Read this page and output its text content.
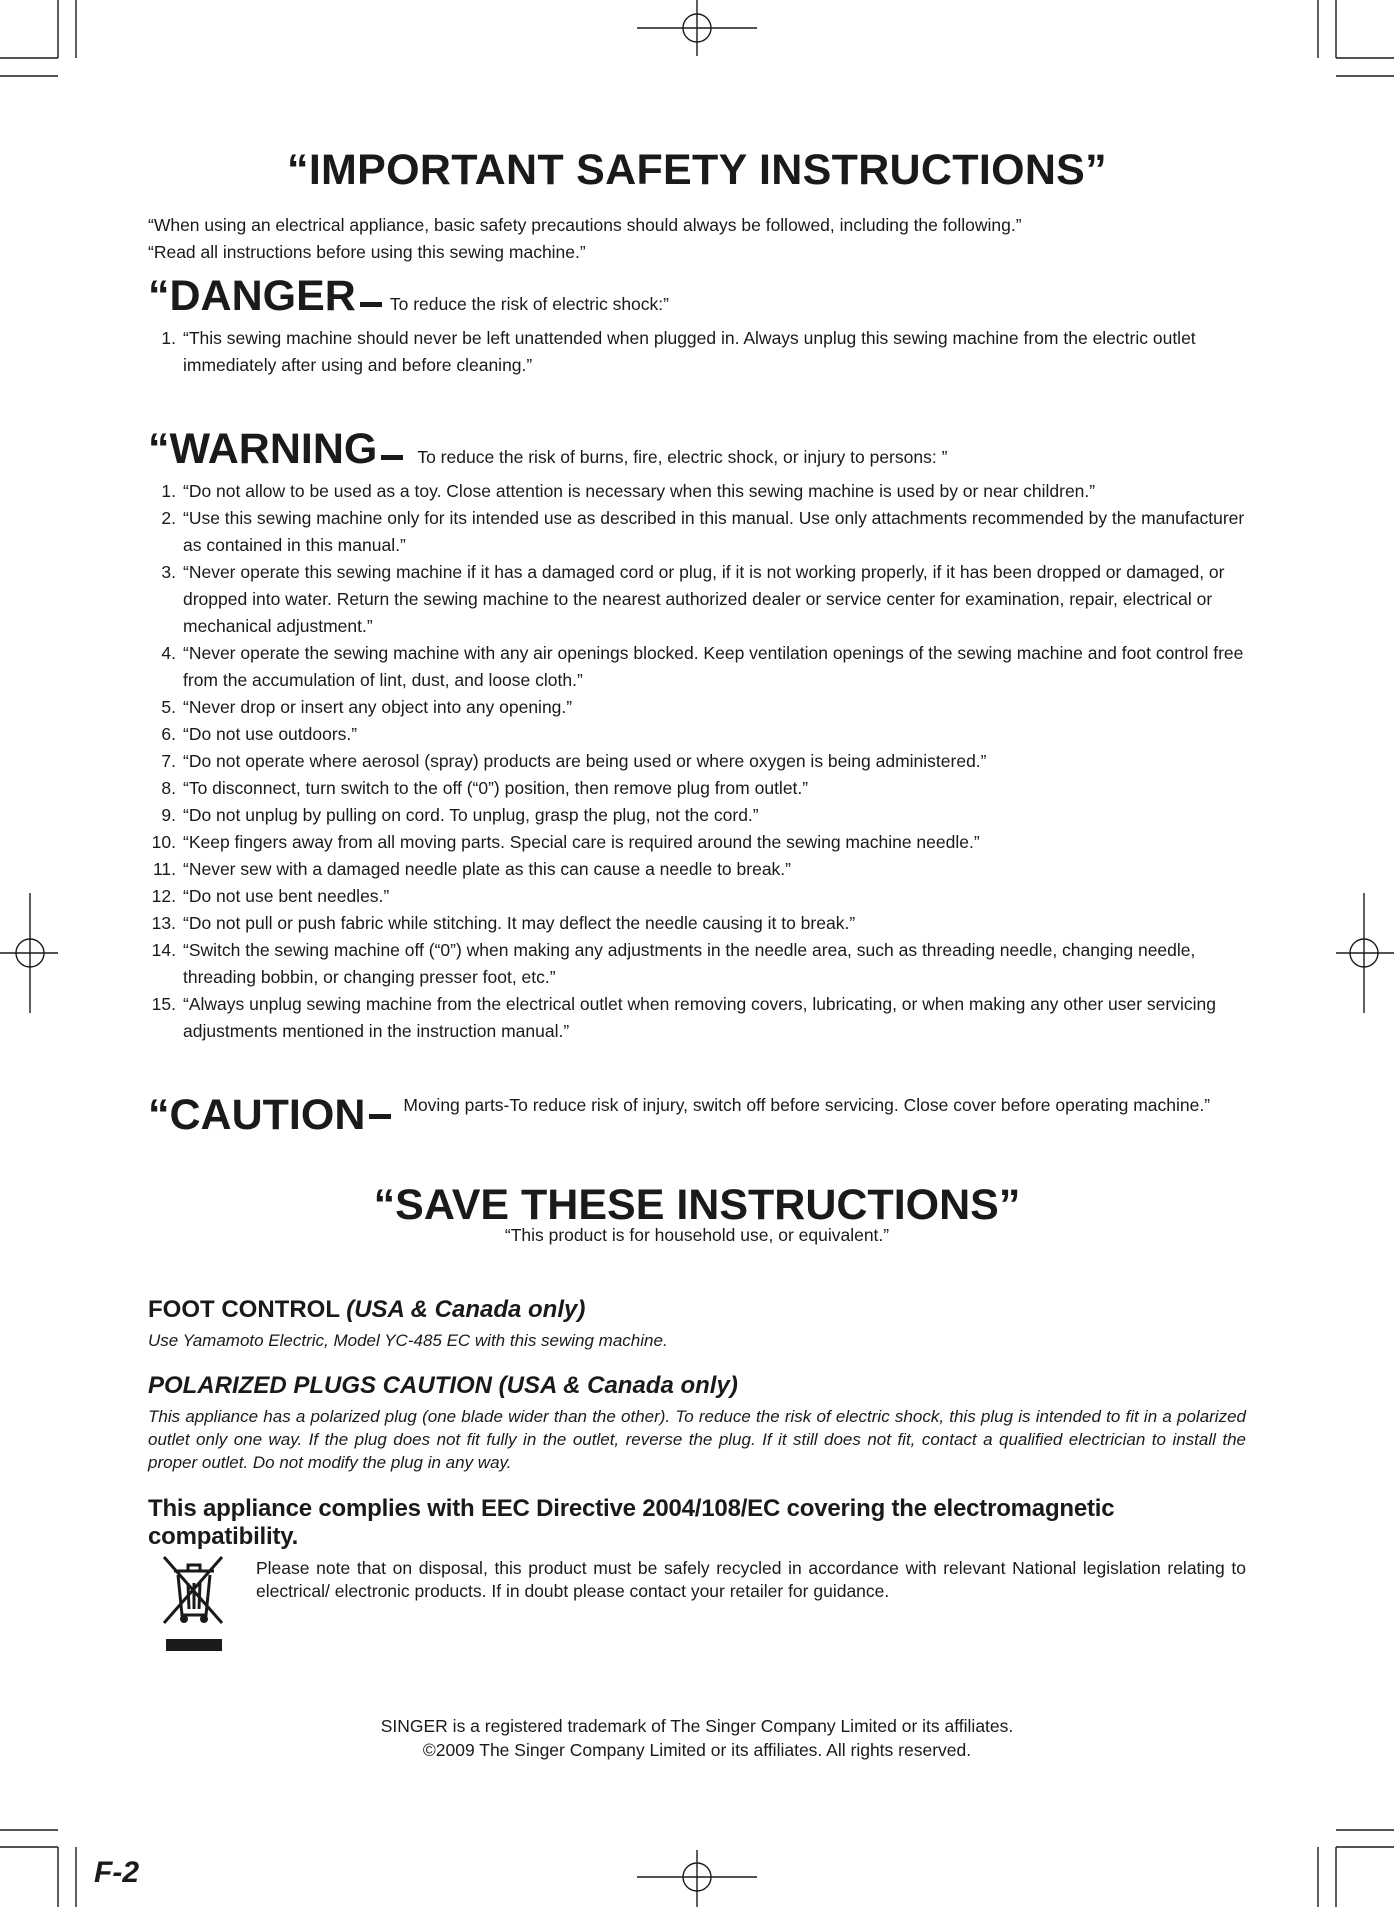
“IMPORTANT SAFETY INSTRUCTIONS”

“When using an electrical appliance, basic safety precautions should always be followed, including the following.”

“Read all instructions before using this sewing machine.”

“DANGER To reduce the risk of electric shock:”
1. “This sewing machine should never be left unattended when plugged in. Always unplug this sewing machine from the electric outlet immediately after using and before cleaning.”
“WARNING To reduce the risk of burns, fire, electric shock, or injury to persons: ”
1. “Do not allow to be used as a toy. Close attention is necessary when this sewing machine is used by or near children.”
2. “Use this sewing machine only for its intended use as described in this manual. Use only attachments recommended by the manufacturer as contained in this manual.”
3. “Never operate this sewing machine if it has a damaged cord or plug, if it is not working properly, if it has been dropped or damaged, or dropped into water. Return the sewing machine to the nearest authorized dealer or service center for examination, repair, electrical or mechanical adjustment.”
4. “Never operate the sewing machine with any air openings blocked. Keep ventilation openings of the sewing machine and foot control free from the accumulation of lint, dust, and loose cloth.”
5. “Never drop or insert any object into any opening.”
6. “Do not use outdoors.”
7. “Do not operate where aerosol (spray) products are being used or where oxygen is being administered.”
8. “To disconnect, turn switch to the off (“0”) position, then remove plug from outlet.”
9. “Do not unplug by pulling on cord. To unplug, grasp the plug, not the cord.”
10. “Keep fingers away from all moving parts. Special care is required around the sewing machine needle.”
11. “Never sew with a damaged needle plate as this can cause a needle to break.”
12. “Do not use bent needles.”
13. “Do not pull or push fabric while stitching. It may deflect the needle causing it to break.”
14. “Switch the sewing machine off (“0”) when making any adjustments in the needle area, such as threading needle, changing needle, threading bobbin, or changing presser foot, etc.”
15. “Always unplug sewing machine from the electrical outlet when removing covers, lubricating, or when making any other user servicing adjustments mentioned in the instruction manual.”
“CAUTION Moving parts-To reduce risk of injury, switch off before servicing. Close cover before operating machine.”
“SAVE THESE INSTRUCTIONS”
“This product is for household use, or equivalent.”
FOOT CONTROL (USA & Canada only)

Use Yamamoto Electric, Model YC-485 EC with this sewing machine.

POLARIZED PLUGS CAUTION (USA & Canada only)

This appliance has a polarized plug (one blade wider than the other). To reduce the risk of electric shock, this plug is intended to fit in a polarized outlet only one way. If the plug does not fit fully in the outlet, reverse the plug. If it still does not fit, contact a qualified electrician to install the proper outlet. Do not modify the plug in any way.

This appliance complies with EEC Directive 2004/108/EC covering the electromagnetic compatibility.

Please note that on disposal, this product must be safely recycled in accordance with relevant National legislation relating to electrical/ electronic products. If in doubt please contact your retailer for guidance.

SINGER is a registered trademark of The Singer Company Limited or its affiliates.

©2009 The Singer Company Limited or its affiliates. All rights reserved.

F-2
